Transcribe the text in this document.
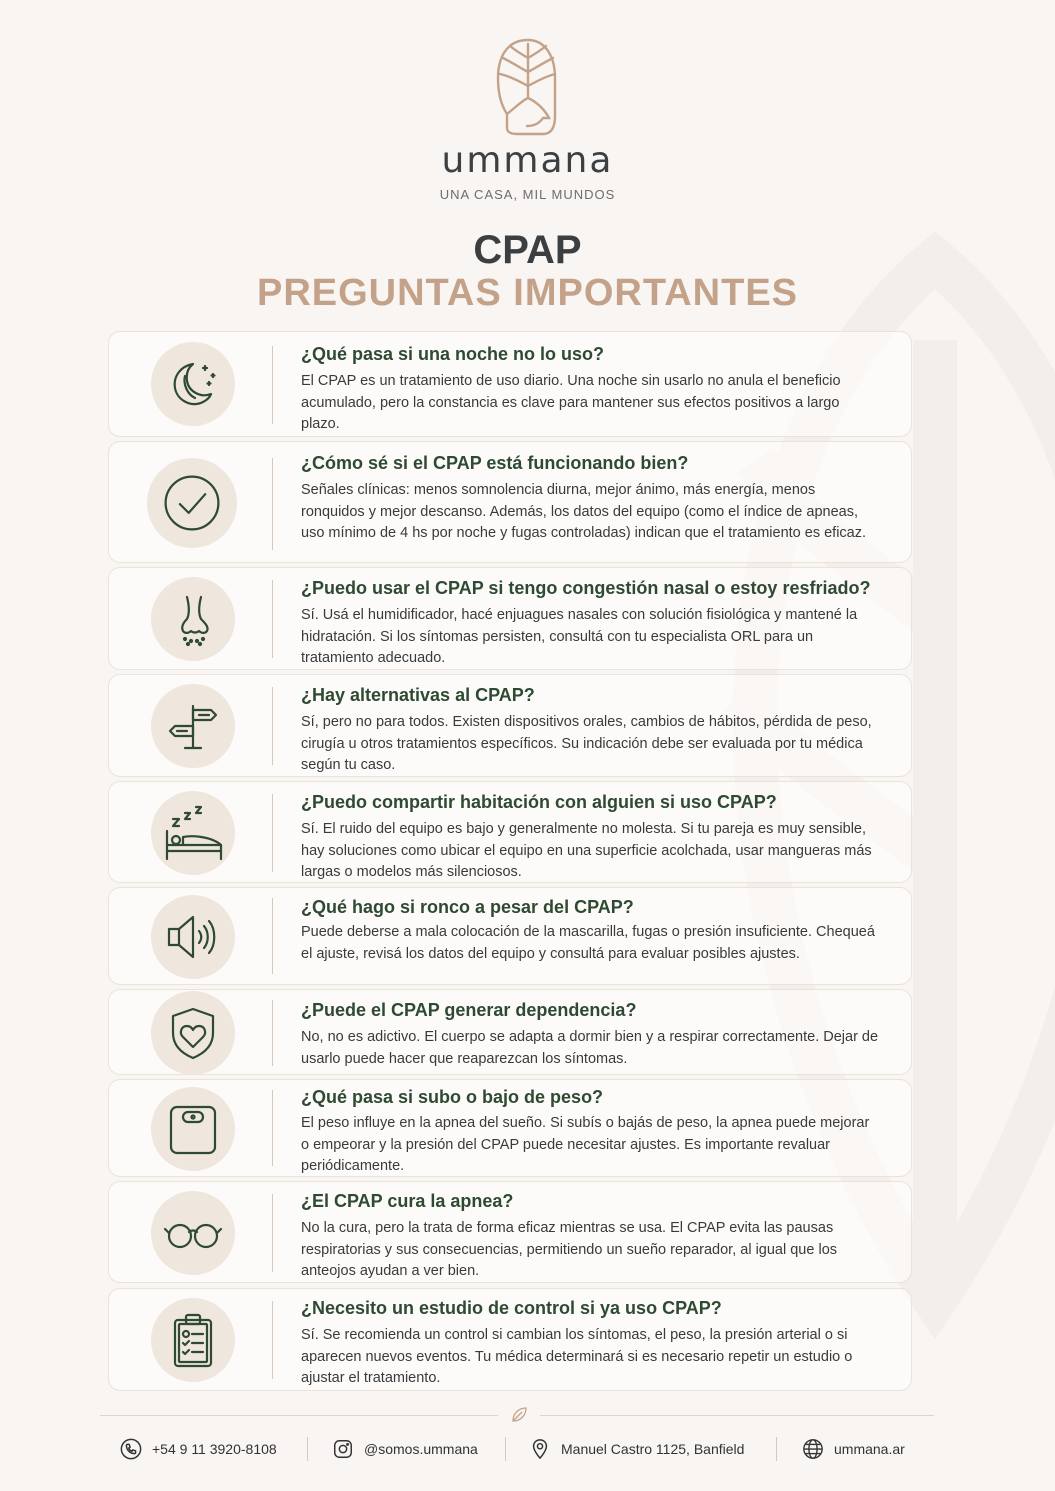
ummana
UNA CASA, MIL MUNDOS
CPAP
PREGUNTAS IMPORTANTES
¿Qué pasa si una noche no lo uso?
El CPAP es un tratamiento de uso diario. Una noche sin usarlo no anula el beneficio acumulado, pero la constancia es clave para mantener sus efectos positivos a largo plazo.
¿Cómo sé si el CPAP está funcionando bien?
Señales clínicas: menos somnolencia diurna, mejor ánimo, más energía, menos ronquidos y mejor descanso. Además, los datos del equipo (como el índice de apneas, uso mínimo de 4 hs por noche y fugas controladas) indican que el tratamiento es eficaz.
¿Puedo usar el CPAP si tengo congestión nasal o estoy resfriado?
Sí. Usá el humidificador, hacé enjuagues nasales con solución fisiológica y mantené la hidratación. Si los síntomas persisten, consultá con tu especialista ORL para un tratamiento adecuado.
¿Hay alternativas al CPAP?
Sí, pero no para todos. Existen dispositivos orales, cambios de hábitos, pérdida de peso, cirugía u otros tratamientos específicos. Su indicación debe ser evaluada por tu médica según tu caso.
¿Puedo compartir habitación con alguien si uso CPAP?
Sí. El ruido del equipo es bajo y generalmente no molesta. Si tu pareja es muy sensible, hay soluciones como ubicar el equipo en una superficie acolchada, usar mangueras más largas o modelos más silenciosos.
¿Qué hago si ronco a pesar del CPAP?
Puede deberse a mala colocación de la mascarilla, fugas o presión insuficiente. Chequeá el ajuste, revisá los datos del equipo y consultá para evaluar posibles ajustes.
¿Puede el CPAP generar dependencia?
No, no es adictivo. El cuerpo se adapta a dormir bien y a respirar correctamente. Dejar de usarlo puede hacer que reaparezcan los síntomas.
¿Qué pasa si subo o bajo de peso?
El peso influye en la apnea del sueño. Si subís o bajás de peso, la apnea puede mejorar o empeorar y la presión del CPAP puede necesitar ajustes. Es importante revaluar periódicamente.
¿El CPAP cura la apnea?
No la cura, pero la trata de forma eficaz mientras se usa. El CPAP evita las pausas respiratorias y sus consecuencias, permitiendo un sueño reparador, al igual que los anteojos ayudan a ver bien.
¿Necesito un estudio de control si ya uso CPAP?
Sí. Se recomienda un control si cambian los síntomas, el peso, la presión arterial o si aparecen nuevos eventos. Tu médica determinará si es necesario repetir un estudio o ajustar el tratamiento.
+54 9 11 3920-8108	@somos.ummana	Manuel Castro 1125, Banfield	ummana.ar
